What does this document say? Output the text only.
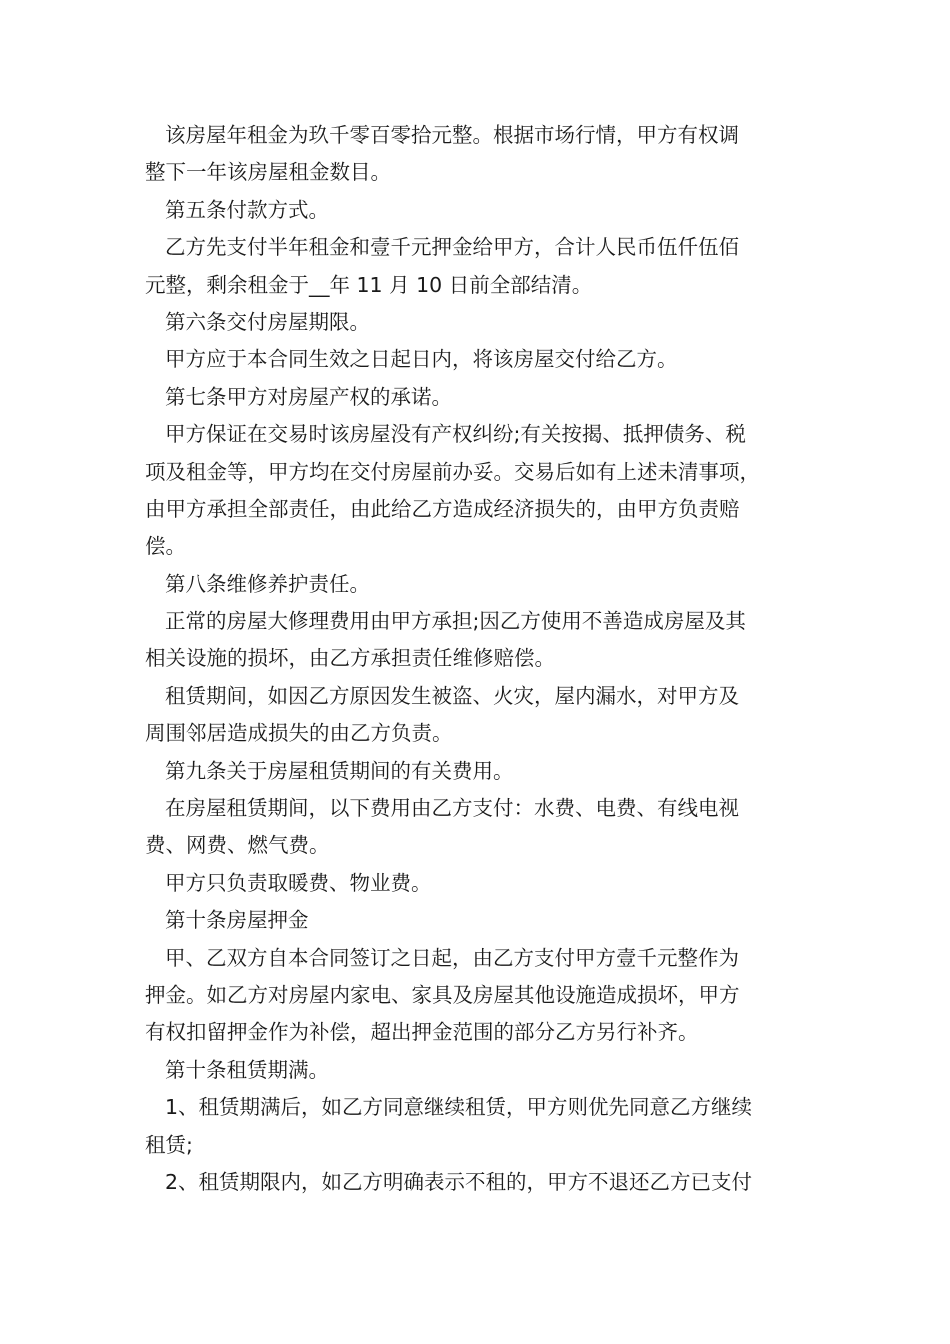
该房屋年租金为玖千零百零拾元整。根据市场行情，甲方有权调
整下一年该房屋租金数目。

第五条付款方式。

乙方先支付半年租金和壹千元押金给甲方，合计人民币伍仟伍佰
元整，剩余租金于__年 11 月 10 日前全部结清。

第六条交付房屋期限。

甲方应于本合同生效之日起日内，将该房屋交付给乙方。

第七条甲方对房屋产权的承诺。

甲方保证在交易时该房屋没有产权纠纷;有关按揭、抵押债务、税
项及租金等，甲方均在交付房屋前办妥。交易后如有上述未清事项，
由甲方承担全部责任，由此给乙方造成经济损失的，由甲方负责赔
偿。

第八条维修养护责任。

正常的房屋大修理费用由甲方承担;因乙方使用不善造成房屋及其
相关设施的损坏，由乙方承担责任维修赔偿。

租赁期间，如因乙方原因发生被盗、火灾，屋内漏水，对甲方及
周围邻居造成损失的由乙方负责。

第九条关于房屋租赁期间的有关费用。

在房屋租赁期间，以下费用由乙方支付：水费、电费、有线电视
费、网费、燃气费。

甲方只负责取暖费、物业费。

第十条房屋押金

甲、乙双方自本合同签订之日起，由乙方支付甲方壹千元整作为
押金。如乙方对房屋内家电、家具及房屋其他设施造成损坏，甲方
有权扣留押金作为补偿，超出押金范围的部分乙方另行补齐。

第十条租赁期满。

1、租赁期满后，如乙方同意继续租赁，甲方则优先同意乙方继续
租赁;

2、租赁期限内，如乙方明确表示不租的，甲方不退还乙方已支付
